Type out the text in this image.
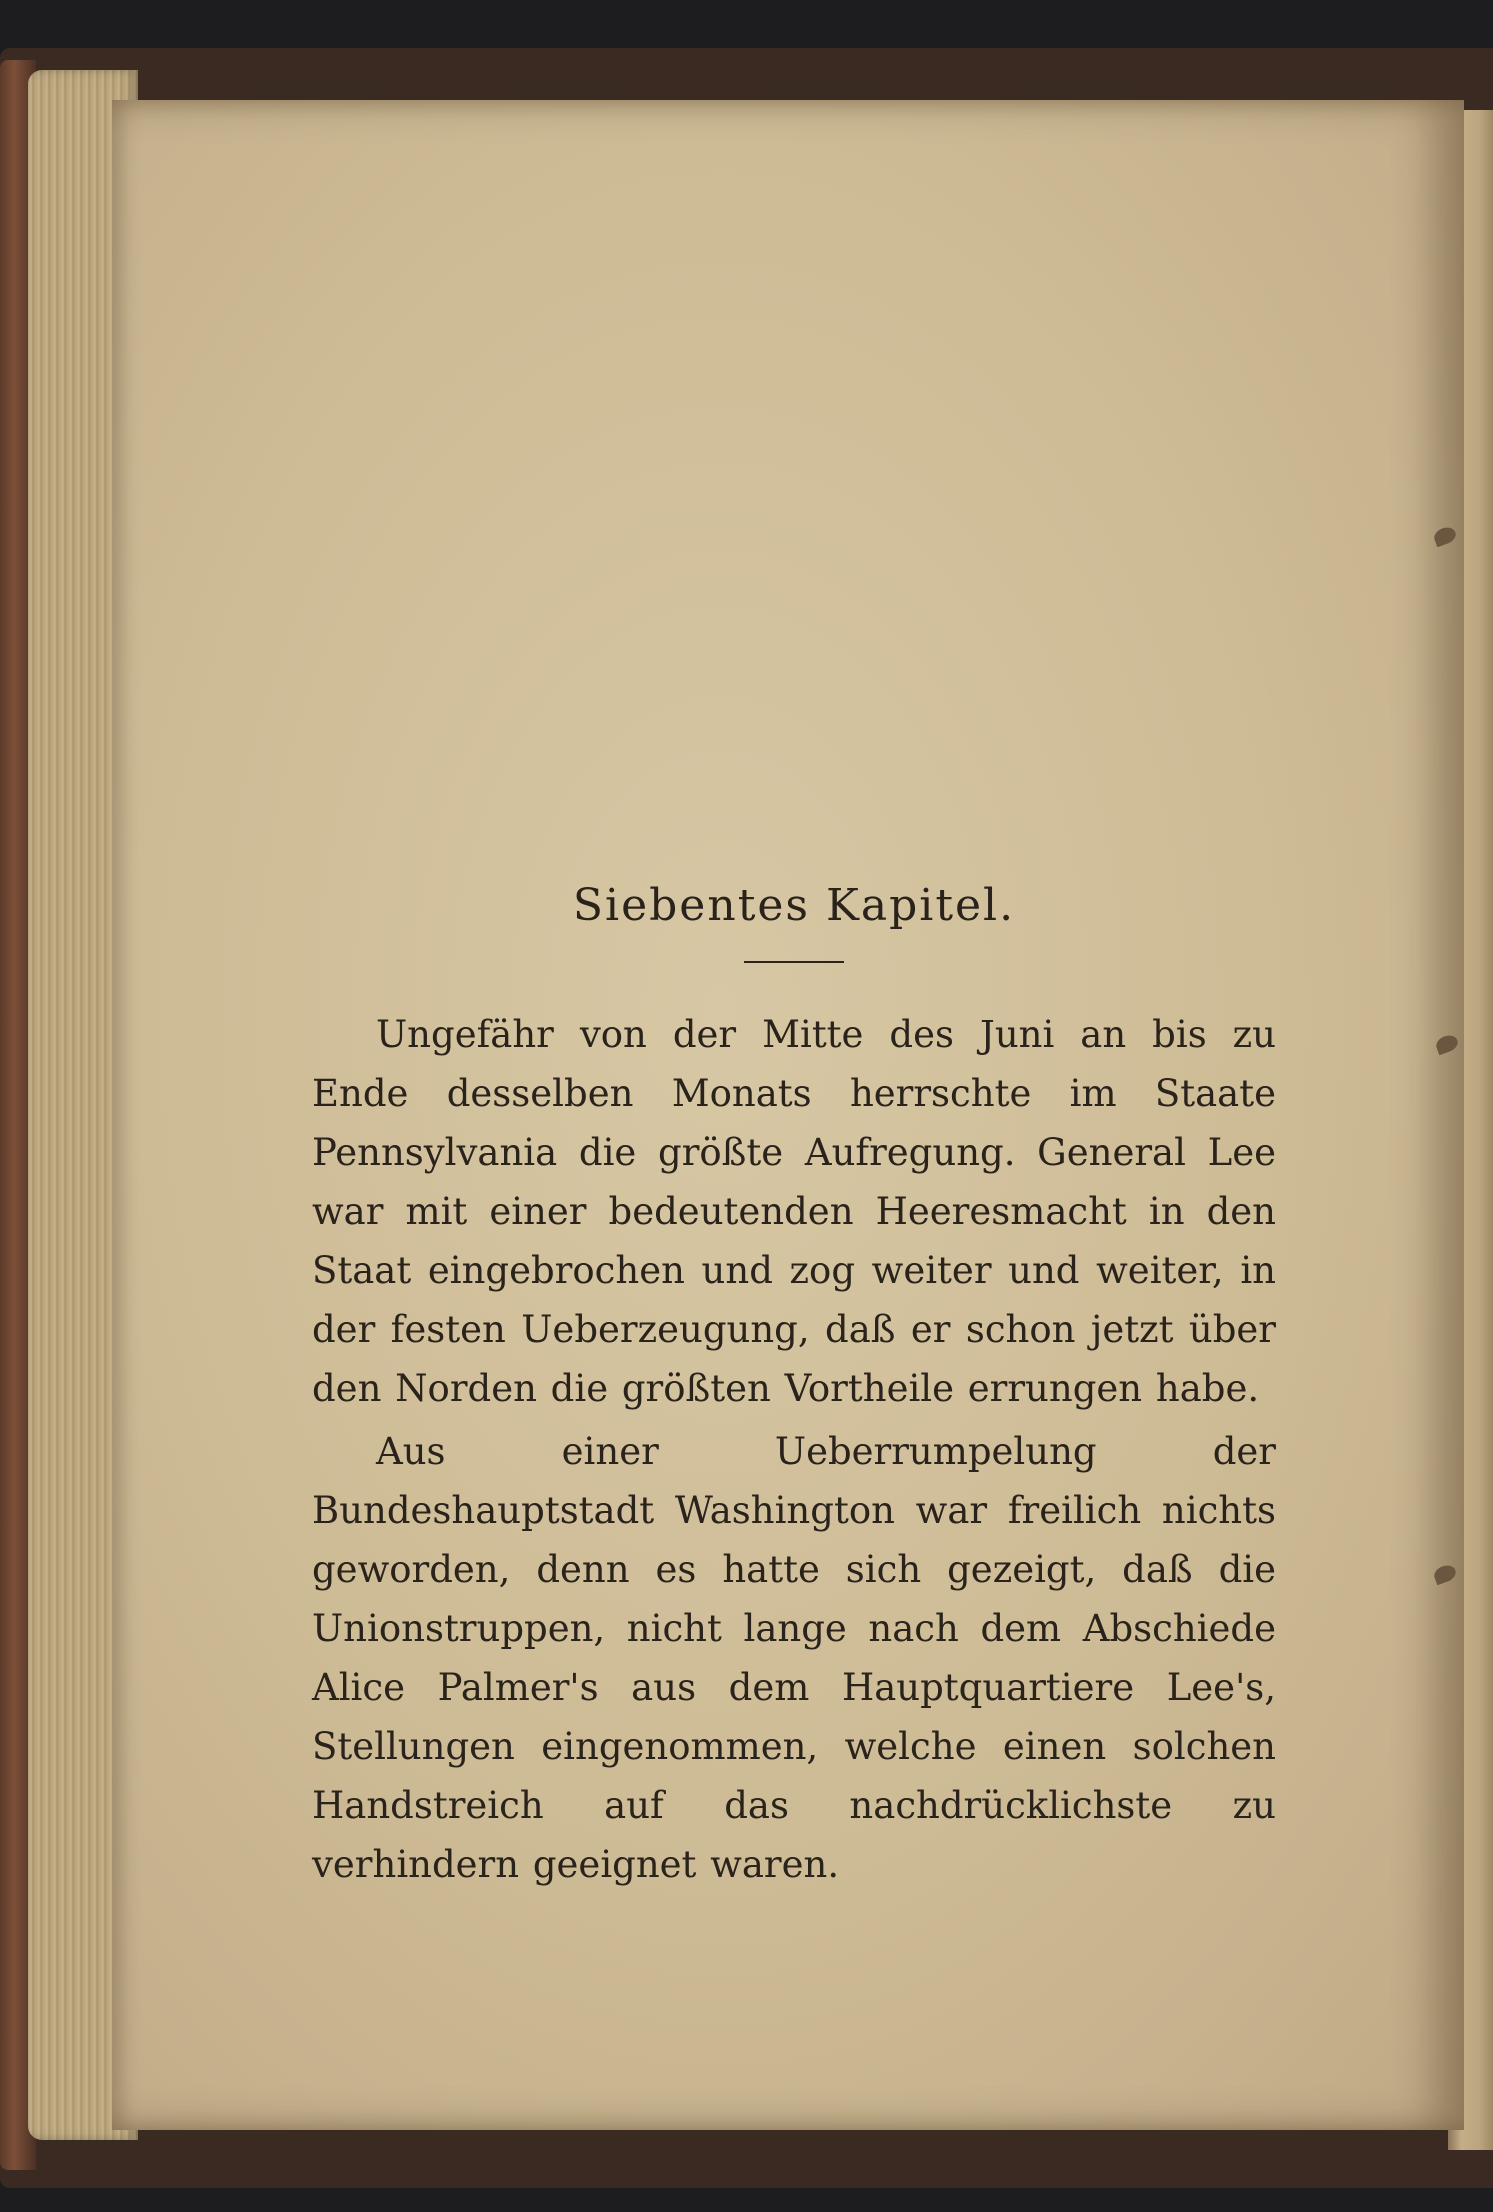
Siebentes Kapitel.

Ungefähr von der Mitte des Juni an bis zu Ende desselben Monats herrschte im Staate Pennsylvania die größte Aufregung. General Lee war mit einer bedeutenden Heeresmacht in den Staat eingebrochen und zog weiter und weiter, in der festen Ueberzeugung, daß er schon jetzt über den Norden die größten Vortheile errungen habe.

Aus einer Ueberrumpelung der Bundeshauptstadt Washington war freilich nichts geworden, denn es hatte sich gezeigt, daß die Unionstruppen, nicht lange nach dem Abschiede Alice Palmer's aus dem Hauptquartiere Lee's, Stellungen eingenommen, welche einen solchen Handstreich auf das nachdrücklichste zu verhindern geeignet waren.
